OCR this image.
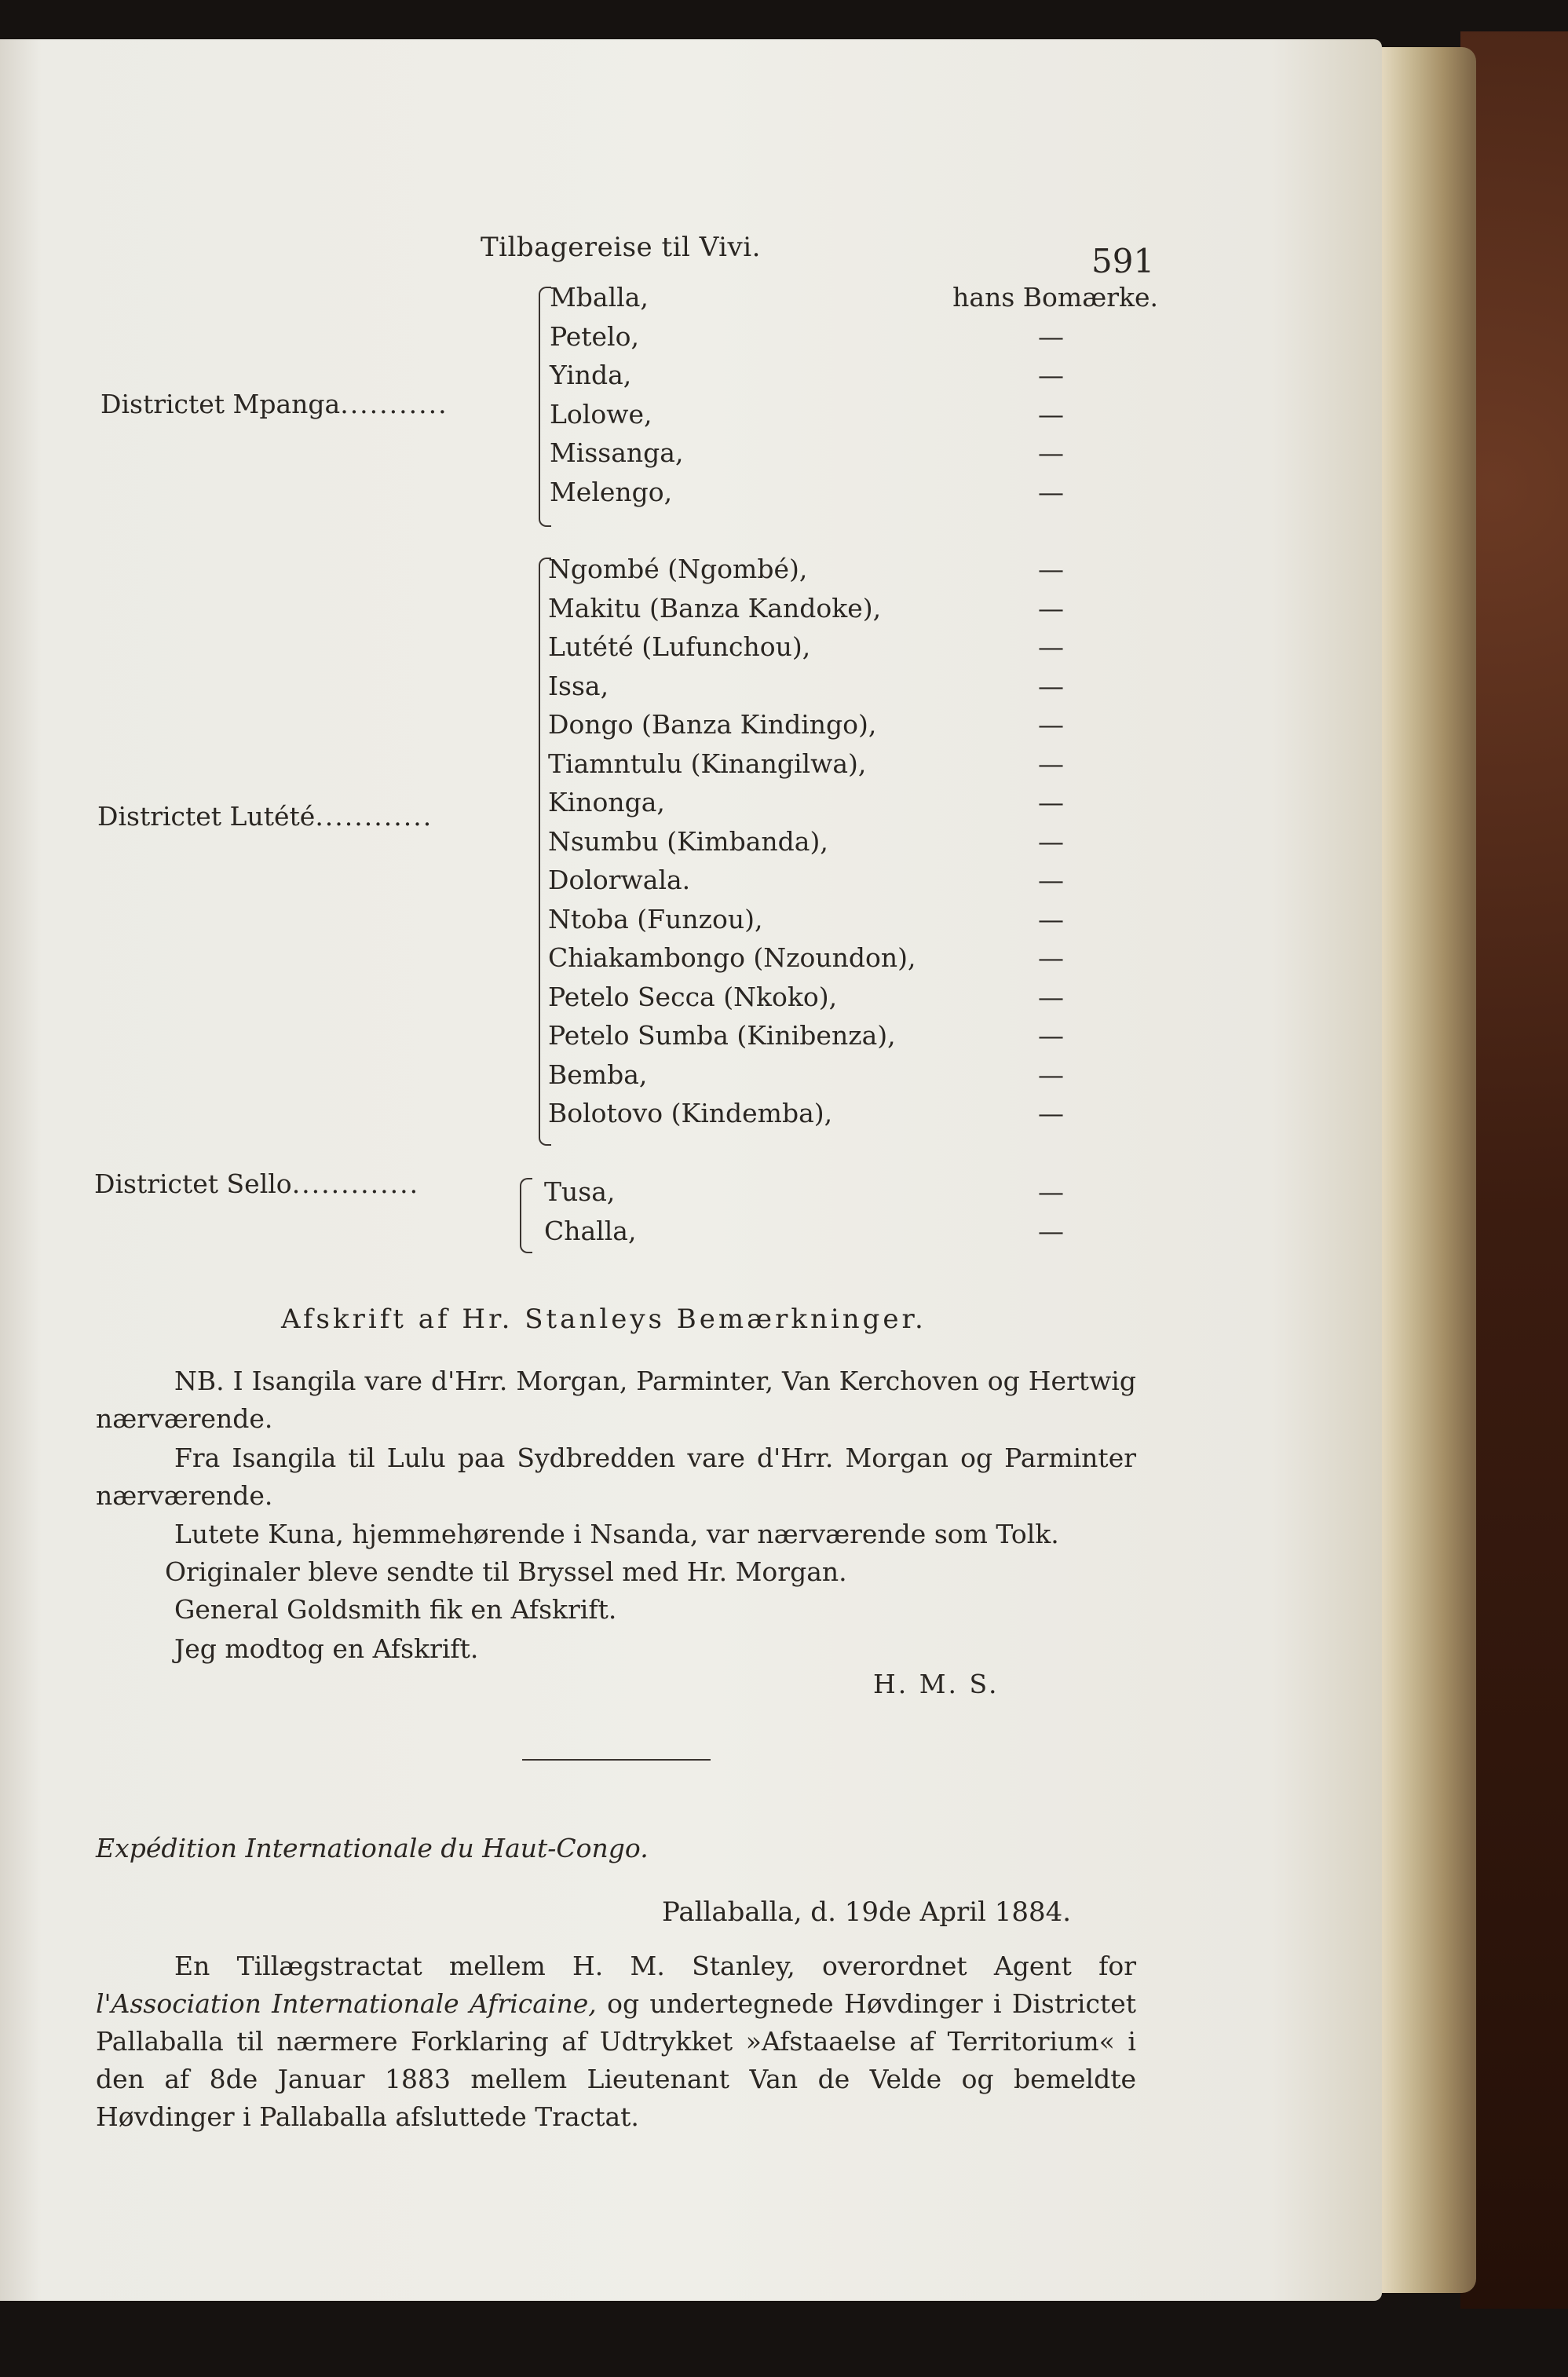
Tilbagereise til Vivi.	591
Districtet Mpanga...........
Mballa,
Petelo,
Yinda,
Lolowe,
Missanga,
Melengo,
hans Bomærke.
—
—
—
—
—
Districtet Lutété............
Ngombé (Ngombé),
Makitu (Banza Kandoke),
Lutété (Lufunchou),
Issa,
Dongo (Banza Kindingo),
Tiamntulu (Kinangilwa),
Kinonga,
Nsumbu (Kimbanda),
Dolorwala.
Ntoba (Funzou),
Chiakambongo (Nzoundon),
Petelo Secca (Nkoko),
Petelo Sumba (Kinibenza),
Bemba,
Bolotovo (Kindemba),
—
—
—
—
—
—
—
—
—
—
—
—
—
—
—
Districtet Sello.............	Tusa,
Challa,
—
—
Afskrift af Hr. Stanleys Bemærkninger.
NB. I Isangila vare d'Hrr. Morgan, Parminter, Van Kerchoven og Hertwig nærværende.
Fra Isangila til Lulu paa Sydbredden vare d'Hrr. Morgan og Parminter nærværende.
Lutete Kuna, hjemmehørende i Nsanda, var nærværende som Tolk.
Originaler bleve sendte til Bryssel med Hr. Morgan.
General Goldsmith fik en Afskrift.
Jeg modtog en Afskrift.
H. M. S.
Expédition Internationale du Haut-Congo.
Pallaballa, d. 19de April 1884.
En Tillægstractat mellem H. M. Stanley, overordnet Agent for l'Association Internationale Africaine, og undertegnede Høvdinger i Districtet Pallaballa til nærmere Forklaring af Udtrykket »Afstaaelse af Territorium« i den af 8de Januar 1883 mellem Lieutenant Van de Velde og bemeldte Høvdinger i Pallaballa afsluttede Tractat.
